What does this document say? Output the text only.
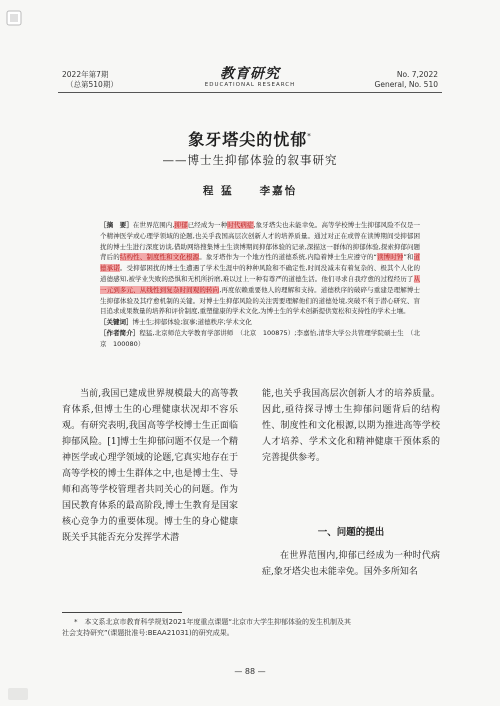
2022年第7期
（总第510期）
教育研究
EDUCATIONAL RESEARCH
No. 7,2022
General, No. 510
象牙塔尖的忧郁*
——博士生抑郁体验的叙事研究
程 猛 李嘉怡

［摘　要］在世界范围内,抑郁已经成为一种时代病症,象牙塔尖也未能幸免。高等学校博士生抑郁风险不仅是一个精神医学或心理学领域的论题,也关乎我国高层次创新人才的培养质量。通过对正在或曾在读博期间受抑郁困扰的博士生进行深度访谈,借助网络搜集博士生读博期间抑郁体验的记录,深描这一群体的抑郁体验,探索抑郁问题背后的结构性、制度性和文化根源。象牙塔作为一个地方性的道德系统,内隐着博士生应遵守的“读博时钟”和道德承诺。受抑郁困扰的博士生遭遇了学术生涯中的种种风险和不确定性,时间没减未有着复杂的、极其个人化的道德感知,被学业失败的恐惧和无机所折磨,难以过上一种有尊严的道德生活。他们寻求自我疗愈的过程经历了从一元到多元、从线性到复杂时间观的转向,再度依赖重要他人的理解和支持。道德秩序的破碎与重建是理解博士生抑郁体验及其疗愈机制的关键。对博士生抑郁风险的关注需要理解他们的道德处境,突破不利于潜心研究、盲目追求成果数量的培养和评价制度,重塑健康的学术文化,为博士生的学术创新提供宽松和支持性的学术土壤。

［关键词］博士生;抑郁体验;叙事;道德秩序;学术文化

［作者简介］程猛,北京师范大学教育学部讲师　（北京　100875）;李嘉怡,清华大学公共管理学院硕士生　（北京　100080）

当前,我国已建成世界规模最大的高等教育体系,但博士生的心理健康状况却不容乐观。有研究表明,我国高等学校博士生正面临抑郁风险。[1]博士生抑郁问题不仅是一个精神医学或心理学领域的论题,它真实地存在于高等学校的博士生群体之中,也是博士生、导师和高等学校管理者共同关心的问题。作为国民教育体系的最高阶段,博士生教育是国家核心竞争力的重要体现。博士生的身心健康既关乎其能否充分发挥学术潜
能,也关乎我国高层次创新人才的培养质量。因此,亟待探寻博士生抑郁问题背后的结构性、制度性和文化根源,以期为推进高等学校人才培养、学术文化和精神健康干预体系的完善提供参考。
一、问题的提出
在世界范围内,抑郁已经成为一种时代病症,象牙塔尖也未能幸免。国外多所知名
*　本文系北京市教育科学规划2021年度重点课题“北京市大学生抑郁体验的发生机制及其
社会支持研究”(课题批准号:BEAA21031)的研究成果。
— 88 —
